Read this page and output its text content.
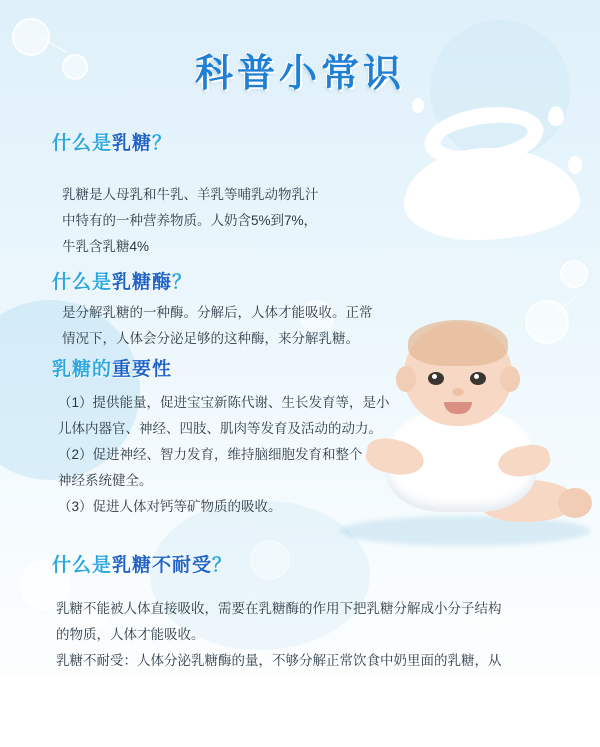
科普小常识
什么是乳糖？

乳糖是人母乳和牛乳、羊乳等哺乳动物乳汁

中特有的一种营养物质。人奶含5%到7%，

牛乳含乳糖4%

什么是乳糖酶？

是分解乳糖的一种酶。分解后，人体才能吸收。正常

情况下，人体会分泌足够的这种酶，来分解乳糖。

乳糖的重要性

（1）提供能量，促进宝宝新陈代谢、生长发育等，是小

儿体内器官、神经、四肢、肌肉等发育及活动的动力。

（2）促进神经、智力发育，维持脑细胞发育和整个

神经系统健全。

（3）促进人体对钙等矿物质的吸收。

什么是乳糖不耐受？

乳糖不能被人体直接吸收，需要在乳糖酶的作用下把乳糖分解成小分子结构

的物质，人体才能吸收。

乳糖不耐受：人体分泌乳糖酶的量，不够分解正常饮食中奶里面的乳糖，从
